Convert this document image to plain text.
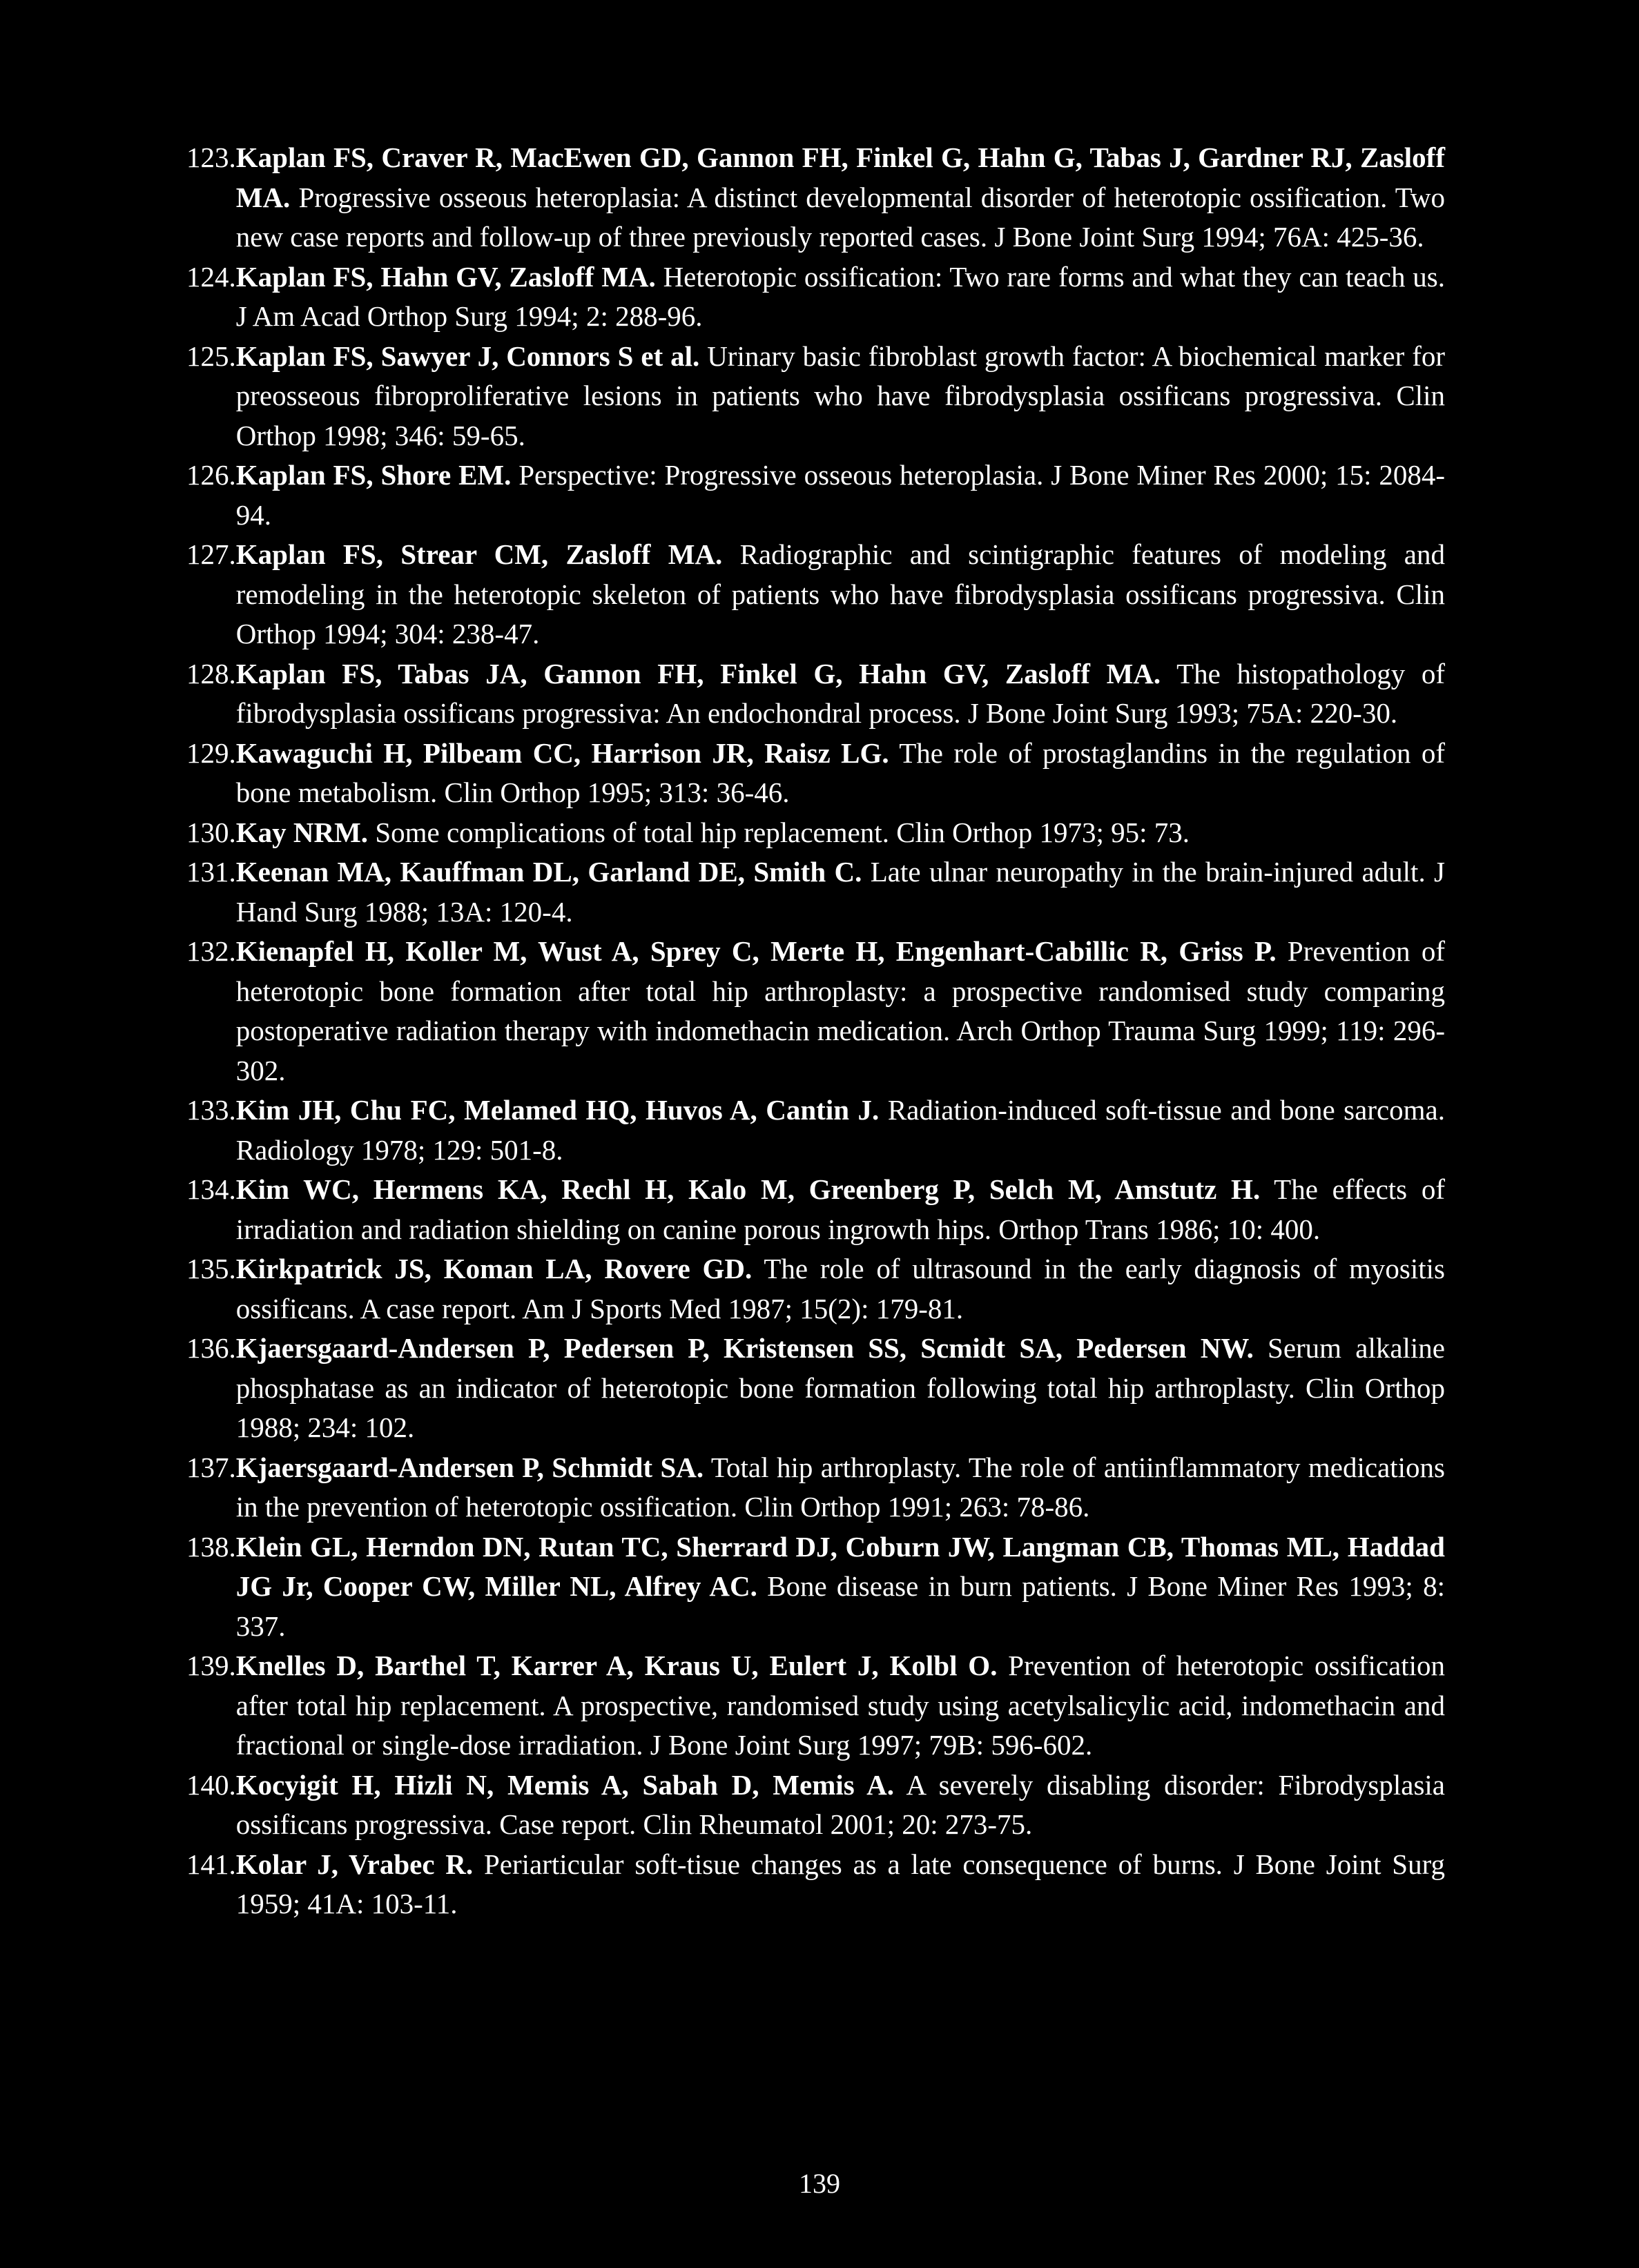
123. Kaplan FS, Craver R, MacEwen GD, Gannon FH, Finkel G, Hahn G, Tabas J, Gardner RJ, Zasloff MA. Progressive osseous heteroplasia: A distinct developmental disorder of heterotopic ossification. Two new case reports and follow-up of three previously reported cases. J Bone Joint Surg 1994; 76A: 425-36.
124. Kaplan FS, Hahn GV, Zasloff MA. Heterotopic ossification: Two rare forms and what they can teach us. J Am Acad Orthop Surg 1994; 2: 288-96.
125. Kaplan FS, Sawyer J, Connors S et al. Urinary basic fibroblast growth factor: A biochemical marker for preosseous fibroproliferative lesions in patients who have fibrodysplasia ossificans progressiva. Clin Orthop 1998; 346: 59-65.
126. Kaplan FS, Shore EM. Perspective: Progressive osseous heteroplasia. J Bone Miner Res 2000; 15: 2084-94.
127. Kaplan FS, Strear CM, Zasloff MA. Radiographic and scintigraphic features of modeling and remodeling in the heterotopic skeleton of patients who have fibrodysplasia ossificans progressiva. Clin Orthop 1994; 304: 238-47.
128. Kaplan FS, Tabas JA, Gannon FH, Finkel G, Hahn GV, Zasloff MA. The histopathology of fibrodysplasia ossificans progressiva: An endochondral process. J Bone Joint Surg 1993; 75A: 220-30.
129. Kawaguchi H, Pilbeam CC, Harrison JR, Raisz LG. The role of prostaglandins in the regulation of bone metabolism. Clin Orthop 1995; 313: 36-46.
130. Kay NRM. Some complications of total hip replacement. Clin Orthop 1973; 95: 73.
131. Keenan MA, Kauffman DL, Garland DE, Smith C. Late ulnar neuropathy in the brain-injured adult. J Hand Surg 1988; 13A: 120-4.
132. Kienapfel H, Koller M, Wust A, Sprey C, Merte H, Engenhart-Cabillic R, Griss P. Prevention of heterotopic bone formation after total hip arthroplasty: a prospective randomised study comparing postoperative radiation therapy with indomethacin medication. Arch Orthop Trauma Surg 1999; 119: 296-302.
133. Kim JH, Chu FC, Melamed HQ, Huvos A, Cantin J. Radiation-induced soft-tissue and bone sarcoma. Radiology 1978; 129: 501-8.
134. Kim WC, Hermens KA, Rechl H, Kalo M, Greenberg P, Selch M, Amstutz H. The effects of irradiation and radiation shielding on canine porous ingrowth hips. Orthop Trans 1986; 10: 400.
135. Kirkpatrick JS, Koman LA, Rovere GD. The role of ultrasound in the early diagnosis of myositis ossificans. A case report. Am J Sports Med 1987; 15(2): 179-81.
136. Kjaersgaard-Andersen P, Pedersen P, Kristensen SS, Scmidt SA, Pedersen NW. Serum alkaline phosphatase as an indicator of heterotopic bone formation following total hip arthroplasty. Clin Orthop 1988; 234: 102.
137. Kjaersgaard-Andersen P, Schmidt SA. Total hip arthroplasty. The role of antiinflammatory medications in the prevention of heterotopic ossification. Clin Orthop 1991; 263: 78-86.
138. Klein GL, Herndon DN, Rutan TC, Sherrard DJ, Coburn JW, Langman CB, Thomas ML, Haddad JG Jr, Cooper CW, Miller NL, Alfrey AC. Bone disease in burn patients. J Bone Miner Res 1993; 8: 337.
139. Knelles D, Barthel T, Karrer A, Kraus U, Eulert J, Kolbl O. Prevention of heterotopic ossification after total hip replacement. A prospective, randomised study using acetylsalicylic acid, indomethacin and fractional or single-dose irradiation. J Bone Joint Surg 1997; 79B: 596-602.
140. Kocyigit H, Hizli N, Memis A, Sabah D, Memis A. A severely disabling disorder: Fibrodysplasia ossificans progressiva. Case report. Clin Rheumatol 2001; 20: 273-75.
141. Kolar J, Vrabec R. Periarticular soft-tisue changes as a late consequence of burns. J Bone Joint Surg 1959; 41A: 103-11.
139
